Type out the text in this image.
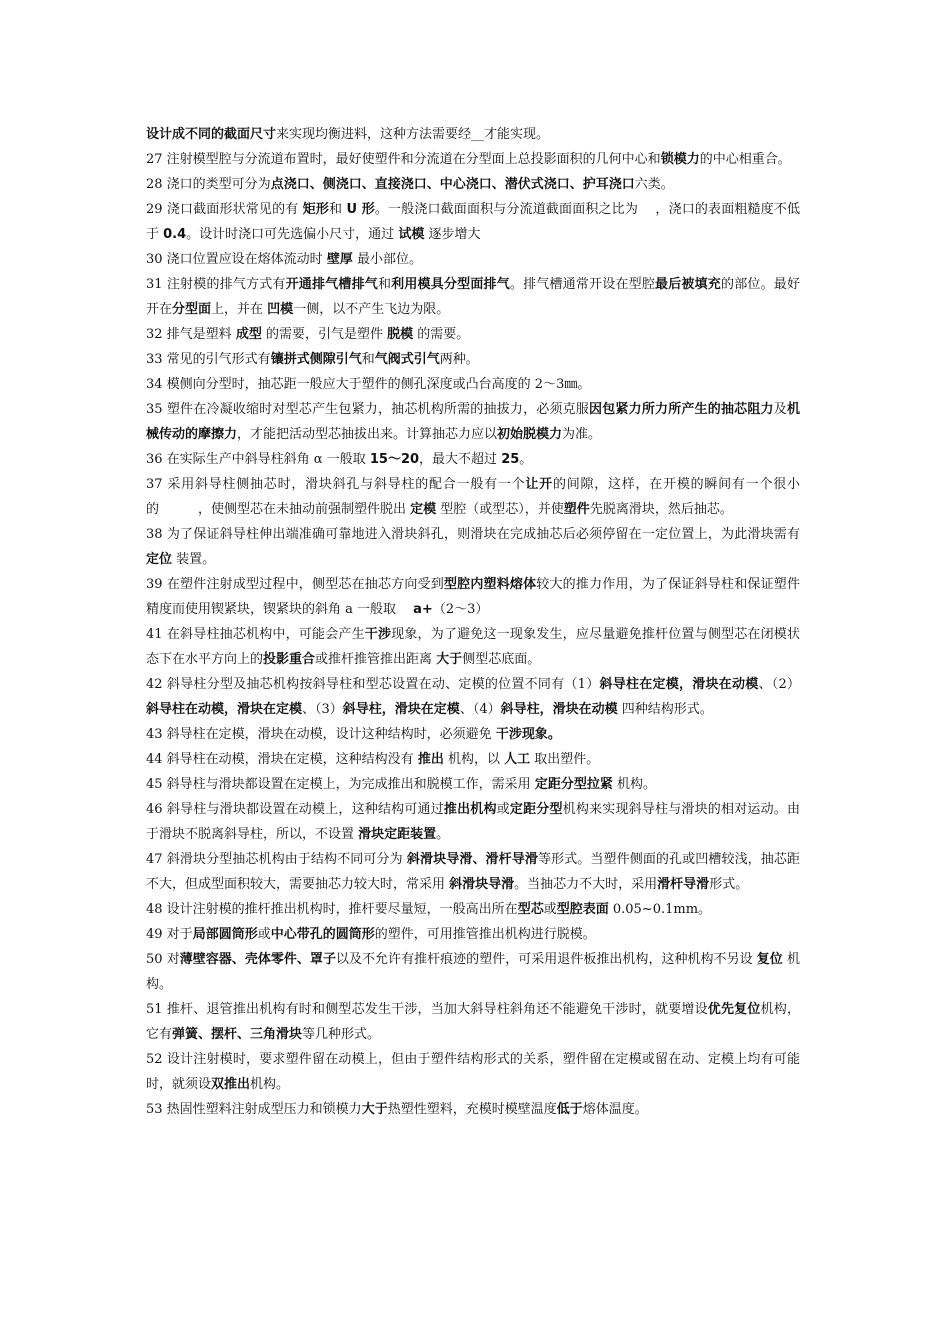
设计成不同的截面尺寸来实现均衡进料，这种方法需要经__才能实现。

27 注射模型腔与分流道布置时，最好使塑件和分流道在分型面上总投影面积的几何中心和锁模力的中心相重合。

28 浇口的类型可分为点浇口、侧浇口、直接浇口、中心浇口、潜伏式浇口、护耳浇口六类。

29 浇口截面形状常见的有 矩形和 U 形。一般浇口截面面积与分流道截面面积之比为 　，浇口的表面粗糙度不低于 0.4。设计时浇口可先选偏小尺寸，通过 试模 逐步增大

30 浇口位置应设在熔体流动时 壁厚 最小部位。

31 注射模的排气方式有开通排气槽排气和利用模具分型面排气。排气槽通常开设在型腔最后被填充的部位。最好开在分型面上，并在 凹模一侧，以不产生飞边为限。

32 排气是塑料 成型 的需要，引气是塑件 脱模 的需要。

33 常见的引气形式有镶拼式侧隙引气和气阀式引气两种。

34 模侧向分型时，抽芯距一般应大于塑件的侧孔深度或凸台高度的 2～3㎜。

35 塑件在冷凝收缩时对型芯产生包紧力，抽芯机构所需的抽拔力，必须克服因包紧力所力所产生的抽芯阻力及机械传动的摩擦力，才能把活动型芯抽拔出来。计算抽芯力应以初始脱模力为准。

36 在实际生产中斜导柱斜角 α 一般取 15～20，最大不超过 25。

37 采用斜导柱侧抽芯时，滑块斜孔与斜导柱的配合一般有一个让开的间隙，这样，在开模的瞬间有一个很小的　　　，使侧型芯在未抽动前强制塑件脱出 定模 型腔（或型芯），并使塑件先脱离滑块，然后抽芯。

38 为了保证斜导柱伸出端准确可靠地进入滑块斜孔，则滑块在完成抽芯后必须停留在一定位置上，为此滑块需有 定位 装置。

39 在塑件注射成型过程中，侧型芯在抽芯方向受到型腔内塑料熔体较大的推力作用，为了保证斜导柱和保证塑件精度而使用锲紧块，锲紧块的斜角 a 一般取　 a+（2～3）

41 在斜导柱抽芯机构中，可能会产生干涉现象，为了避免这一现象发生，应尽量避免推杆位置与侧型芯在闭模状态下在水平方向上的投影重合或推杆推管推出距离 大于侧型芯底面。

42 斜导柱分型及抽芯机构按斜导柱和型芯设置在动、定模的位置不同有（1）斜导柱在定模，滑块在动模、（2）斜导柱在动模，滑块在定模、（3）斜导柱，滑块在定模、（4）斜导柱，滑块在动模 四种结构形式。

43 斜导柱在定模，滑块在动模，设计这种结构时，必须避免 干涉现象。

44 斜导柱在动模，滑块在定模，这种结构没有 推出 机构，以 人工 取出塑件。

45 斜导柱与滑块都设置在定模上，为完成推出和脱模工作，需采用 定距分型拉紧 机构。

46 斜导柱与滑块都设置在动模上，这种结构可通过推出机构或定距分型机构来实现斜导柱与滑块的相对运动。由于滑块不脱离斜导柱，所以，不设置 滑块定距装置。

47 斜滑块分型抽芯机构由于结构不同可分为 斜滑块导滑、滑杆导滑等形式。当塑件侧面的孔或凹槽较浅，抽芯距不大，但成型面积较大，需要抽芯力较大时，常采用 斜滑块导滑。当抽芯力不大时，采用滑杆导滑形式。

48 设计注射模的推杆推出机构时，推杆要尽量短，一般高出所在型芯或型腔表面 0.05~0.1mm。

49 对于局部圆筒形或中心带孔的圆筒形的塑件，可用推管推出机构进行脱模。

50 对薄壁容器、壳体零件、罩子以及不允许有推杆痕迹的塑件，可采用退件板推出机构，这种机构不另设 复位 机构。

51 推杆、退管推出机构有时和侧型芯发生干涉，当加大斜导柱斜角还不能避免干涉时，就要增设优先复位机构，它有弹簧、摆杆、三角滑块等几种形式。

52 设计注射模时，要求塑件留在动模上，但由于塑件结构形式的关系，塑件留在定模或留在动、定模上均有可能时，就须设双推出机构。

53 热固性塑料注射成型压力和锁模力大于热塑性塑料，充模时模壁温度低于熔体温度。
